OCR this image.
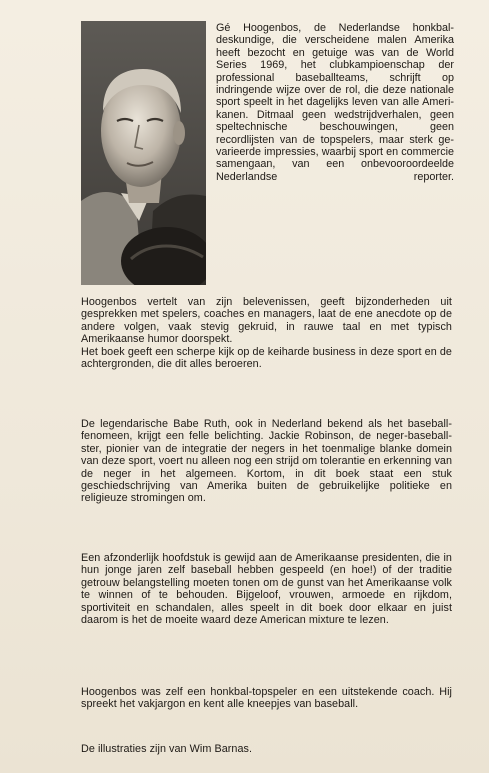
Gé Hoogenbos, de Nederlandse honkbal-deskundige, die verscheidene malen Amerika heeft bezocht en getuige was van de World Series 1969, het clubkampioenschap der professional baseballteams, schrijft op indringende wijze over de rol, die deze nationale sport speelt in het dagelijks leven van alle Amerikanen. Ditmaal geen wedstrijdverhalen, geen speltechnische beschouwingen, geen recordlijsten van de topspelers, maar sterk gevarieerde impressies, waarbij sport en commercie samengaan, van een onbevooroordeelde Nederlandse reporter.

Hoogenbos vertelt van zijn belevenissen, geeft bijzonderheden uit gesprekken met spelers, coaches en managers, laat de ene anecdote op de andere volgen, vaak stevig gekruid, in rauwe taal en met typisch Amerikaanse humor doorspekt.

Het boek geeft een scherpe kijk op de keiharde business in deze sport en de achtergronden, die dit alles beroeren.

De legendarische Babe Ruth, ook in Nederland bekend als het baseball-fenomeen, krijgt een felle belichting. Jackie Robinson, de neger-baseball-ster, pionier van de integratie der negers in het toenmalige blanke domein van deze sport, voert nu alleen nog een strijd om tolerantie en erkenning van de neger in het algemeen. Kortom, in dit boek staat een stuk geschiedschrijving van Amerika buiten de gebruikelijke politieke en religieuze stromingen om.
Een afzonderlijk hoofdstuk is gewijd aan de Amerikaanse presidenten, die in hun jonge jaren zelf baseball hebben gespeeld (en hoe!) of der traditie getrouw belangstelling moeten tonen om de gunst van het Amerikaanse volk te winnen of te behouden. Bijgeloof, vrouwen, armoede en rijkdom, sportiviteit en schandalen, alles speelt in dit boek door elkaar en juist daarom is het de moeite waard deze American mixture te lezen.
Hoogenbos was zelf een honkbal-topspeler en een uitstekende coach. Hij spreekt het vakjargon en kent alle kneepjes van baseball.
De illustraties zijn van Wim Barnas.
